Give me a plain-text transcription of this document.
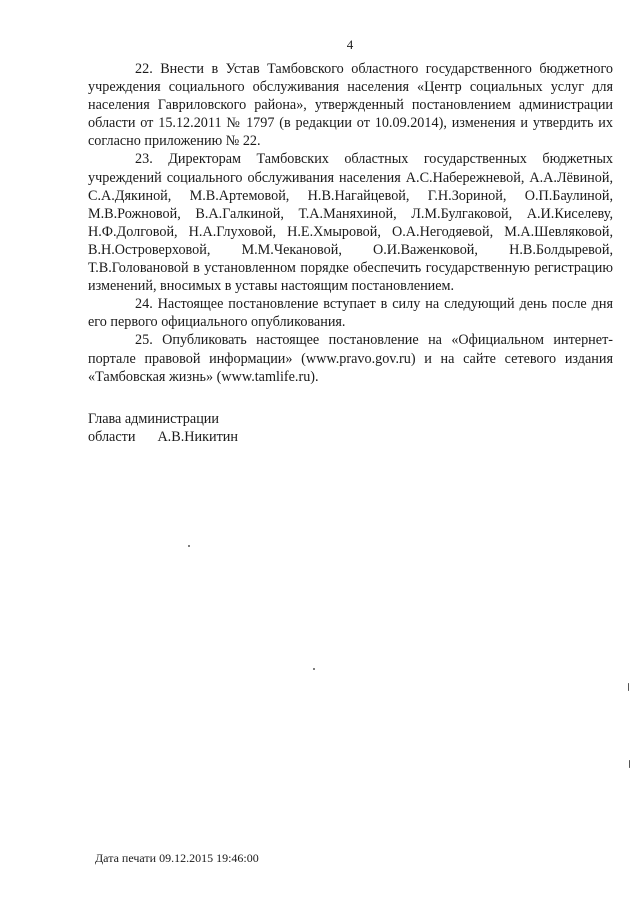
4

22. Внести в Устав Тамбовского областного государственного бюджетного учреждения социального обслуживания населения «Центр социальных услуг для населения Гавриловского района», утвержденный постановлением администрации области от 15.12.2011 № 1797 (в редакции от 10.09.2014), изменения и утвердить их согласно приложению № 22.

23. Директорам Тамбовских областных государственных бюджетных учреждений социального обслуживания населения А.С.Набережневой, А.А.Лёвиной, С.А.Дякиной, М.В.Артемовой, Н.В.Нагайцевой, Г.Н.Зориной, О.П.Баулиной, М.В.Рожновой, В.А.Галкиной, Т.А.Маняхиной, Л.М.Булгаковой, А.И.Киселеву, Н.Ф.Долговой, Н.А.Глуховой, Н.Е.Хмыровой, О.А.Негодяевой, М.А.Шевляковой, В.Н.Островерховой, М.М.Чекановой, О.И.Важенковой, Н.В.Болдыревой, Т.В.Головановой в установленном порядке обеспечить государственную регистрацию изменений, вносимых в уставы настоящим постановлением.

24. Настоящее постановление вступает в силу на следующий день после дня его первого официального опубликования.

25. Опубликовать настоящее постановление на «Официальном интернет-портале правовой информации» (www.pravo.gov.ru) и на сайте сетевого издания «Тамбовская жизнь» (www.tamlife.ru).

Глава администрации
области А.В.Никитин
Дата печати 09.12.2015 19:46:00
